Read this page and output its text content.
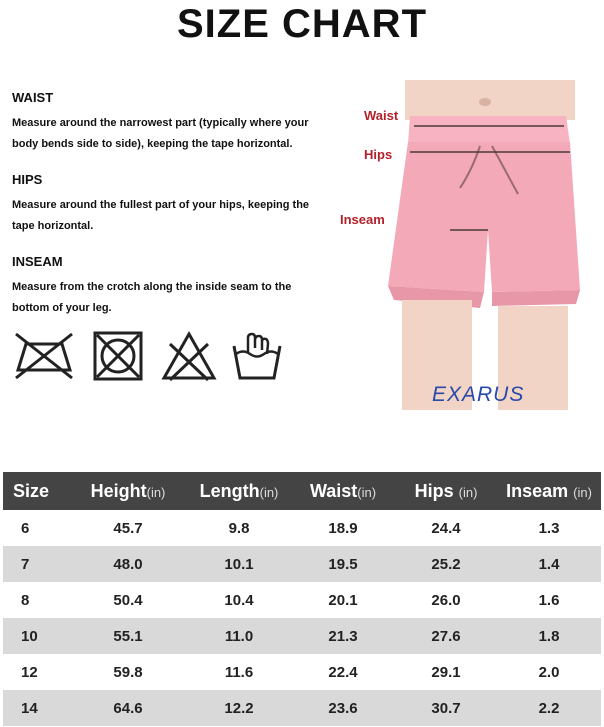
SIZE CHART
WAIST
Measure around the narrowest part (typically where your body bends side to side), keeping the tape horizontal.
HIPS
Measure around the fullest part of your hips, keeping the tape horizontal.
INSEAM
Measure from the crotch along the inside seam to the bottom of your leg.
Waist
Hips
Inseam
EXARUS
Size	Height(in)	Length(in)	Waist(in)	Hips (in)	Inseam (in)
6	45.7	9.8	18.9	24.4	1.3
7	48.0	10.1	19.5	25.2	1.4
8	50.4	10.4	20.1	26.0	1.6
10	55.1	11.0	21.3	27.6	1.8
12	59.8	11.6	22.4	29.1	2.0
14	64.6	12.2	23.6	30.7	2.2
